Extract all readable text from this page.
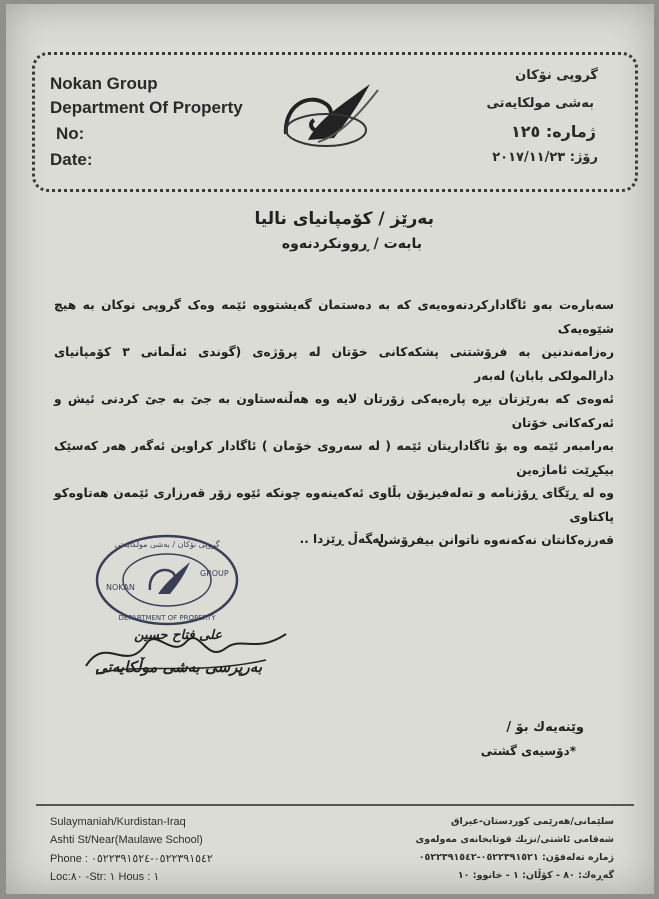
Nokan Group
Department Of Property
No:
Date:
گروپی نۆكان
بەشی مولکایەتی
ژمارە: ١٢٥
رۆژ: ٢٠١٧/١١/٢٣
بەرێز / كۆمپانیای نالیا
بابەت / ڕوونكردنەوە
سەبارەت بەو ئاگادارکردنەوەیەی کە بە دەستمان گەیشتووە ئێمە وەک گروپی نوکان بە هیچ شێوەیەک
رەزامەندنین بە فرۆشتنی پشکەکانی خۆتان لە پرۆژەی (گوندی ئەڵمانی ٣ کۆمپانیای دارالمولکی بابان) لەبەر
ئەوەی کە بەرێزتان بڕە پارەیەکی زۆرتان لایە وە هەڵنەستاون بە جێ بە جێ کردنی ئیش و ئەرکەکانی خۆتان
بەرامبەر ئێمە وە بۆ ئاگاداریتان ئێمە ( لە سەروی خۆمان ) ئاگادار کراوین ئەگەر هەر کەسێک بیکڕێت ئاماژەین
وە لە ڕێگای ڕۆژنامە و تەلەفیزیۆن بڵاوی ئەکەینەوە چونکە ئێوە زۆر قەرزاری ئێمەن هەتاوەکو پاکتاوی
قەرزەکانتان نەکەنەوە ناتوانن بیفرۆشن .
لەگەڵ ڕێزدا ..
گروپی نۆکان / بەشی موڵکایەتی
NOKAN
GROUP
DEPARTMENT OF PROPERTY
علی فتاح حسین
بەرپرسی بەشی موڵکایەتی
وێنەیەك بۆ /
*دۆسیەی گشتی
Sulaymaniah/Kurdistan-Iraq
Ashti St/Near(Maulawe School)
Phone : ٠٥٢٢٣٩١٥٤٢-٠٥٢٢٣٩١٥٢٤
Loc:٨٠ -Str: ١ Hous : ١
سلێمانی/هەرێمی کوردستان-عیراق
شەقامی ئاشتی/نزیك قوتابخانەی مەولەوی
ژمارە تەلەفۆن: ٠٥٢٢٣٩١٥٢١-٠٥٢٢٣٩١٥٤٢
گەڕەك: ٨٠ - کۆڵان: ١ - خانوو: ١٠
